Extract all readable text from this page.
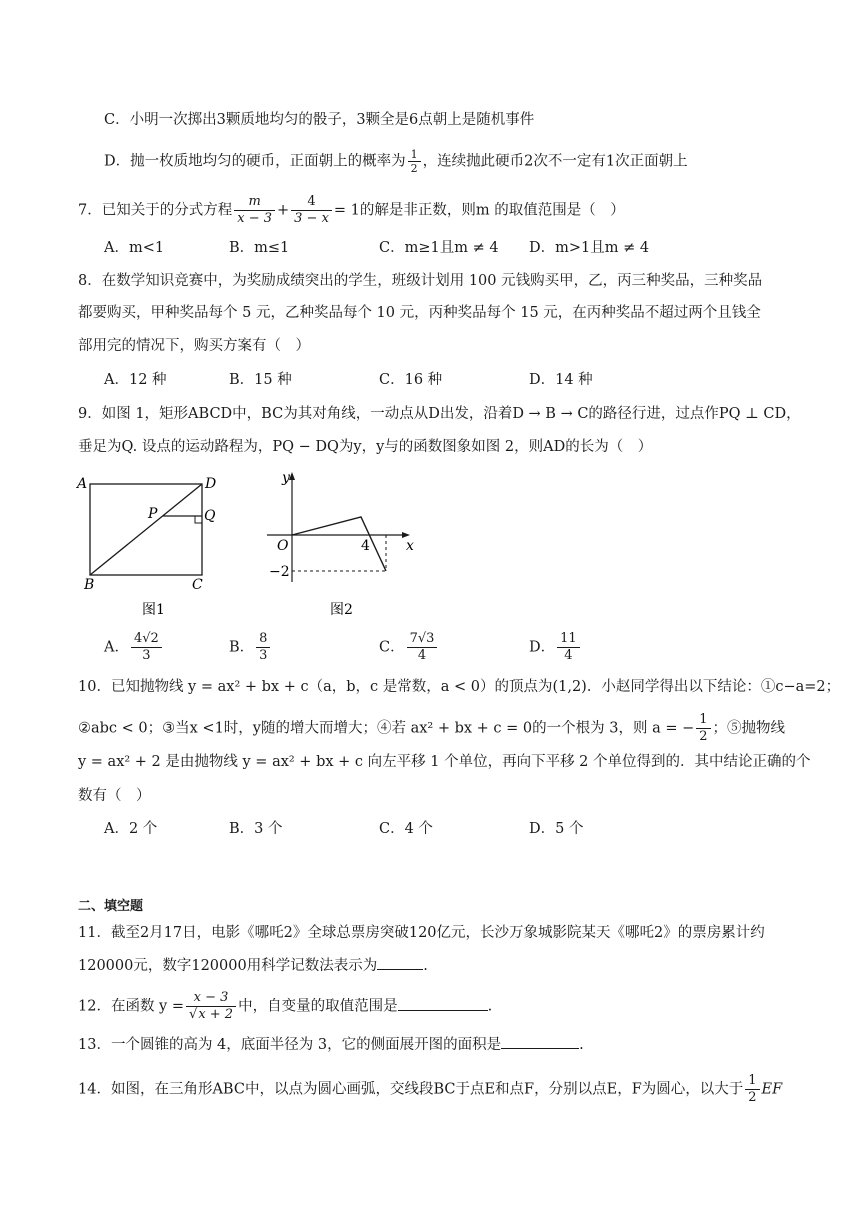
C．小明一次掷出3颗质地均匀的骰子，3颗全是6点朝上是随机事件
D．抛一枚质地均匀的硬币，正面朝上的概率为 $\frac{1}{2}$ ，连续抛此硬币2次不一定有1次正面朝上
7．已知关于的分式方程 $\frac{m}{x - 3} + \frac{4}{3 - x} = 1$的解是非正数，则m 的取值范围是（　）
A．m<1	B．m≤1	C．m≥1且m ≠ 4 D．m>1且m ≠ 4
8．在数学知识竞赛中，为奖励成绩突出的学生，班级计划用 100 元钱购买甲，乙，丙三种奖品，三种奖品
都要购买，甲种奖品每个 5 元，乙种奖品每个 10 元，丙种奖品每个 15 元，在丙种奖品不超过两个且钱全
部用完的情况下，购买方案有（　）
A．12 种	B．15 种	C．16 种	D．14 种
9．如图 1，矩形ABCD中，BC为其对角线，一动点从D出发，沿着D → B → C的路径行进，过点作PQ ⊥ CD，
垂足为Q. 设点的运动路程为，PQ − DQ为y，y与的函数图象如图 2，则AD的长为（　）
A	D
P	Q
B	C
图1
y
x
O	4
−2
图2
A． $\frac{4√2}{3}$	B． $\frac{8}{3}$	C． $\frac{7√3}{4}$	D． $\frac{11}{4}$
10．已知抛物线 y = ax² + bx + c（a，b，c 是常数，a < 0）的顶点为(1,2)．小赵同学得出以下结论：①c−a=2；
②abc < 0；③当x <1时，y随的增大而增大；④若 ax² + bx + c = 0的一个根为 3，则 a = − $\frac{1}{2}$ ；⑤抛物线
y = ax² + 2 是由抛物线 y = ax² + bx + c 向左平移 1 个单位，再向下平移 2 个单位得到的．其中结论正确的个
数有（　）
A．2 个	B．3 个	C．4 个	D．5 个
二、填空题
11．截至2月17日，电影《哪吒2》全球总票房突破120亿元，长沙万象城影院某天《哪吒2》的票房累计约
120000元，数字120000用科学记数法表示为	.
12．在函数 $y = \frac{x - 3}{√x + 2}$ 中，自变量的取值范围是	.
13．一个圆锥的高为 4，底面半径为 3，它的侧面展开图的面积是	.
14．如图，在三角形ABC中，以点为圆心画弧，交线段BC于点E和点F，分别以点E，F为圆心，以大于 $\frac{1}{2}$ EF
